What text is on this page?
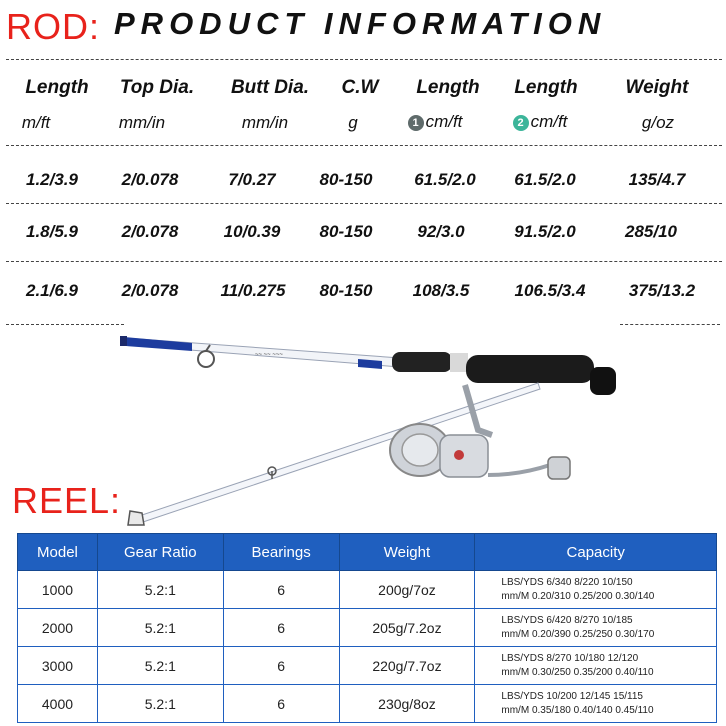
ROD: PRODUCT INFORMATION
Length	Top Dia.	Butt Dia.	C.W	Length	Length	Weight
m/ft	mm/in	mm/in	g	1 cm/ft	2 cm/ft	g/oz
1.2/3.9	2/0.078	7/0.27	80-150	61.5/2.0	61.5/2.0	135/4.7
1.8/5.9	2/0.078	10/0.39	80-150	92/3.0	91.5/2.0	285/10
2.1/6.9	2/0.078	11/0.275	80-150	108/3.5	106.5/3.4	375/13.2
~~ ~~ ~~~
REEL:
Model	Gear Ratio	Bearings	Weight	Capacity
1000	5.2:1	6	200g/7oz	LBS/YDS 6/340 8/220 10/150
mm/M 0.20/310 0.25/200 0.30/140

2000	5.2:1	6	205g/7.2oz	LBS/YDS 6/420 8/270 10/185
mm/M 0.20/390 0.25/250 0.30/170

3000	5.2:1	6	220g/7.7oz	LBS/YDS 8/270 10/180 12/120
mm/M 0.30/250 0.35/200 0.40/110

4000	5.2:1	6	230g/8oz	LBS/YDS 10/200 12/145 15/115
mm/M 0.35/180 0.40/140 0.45/110
